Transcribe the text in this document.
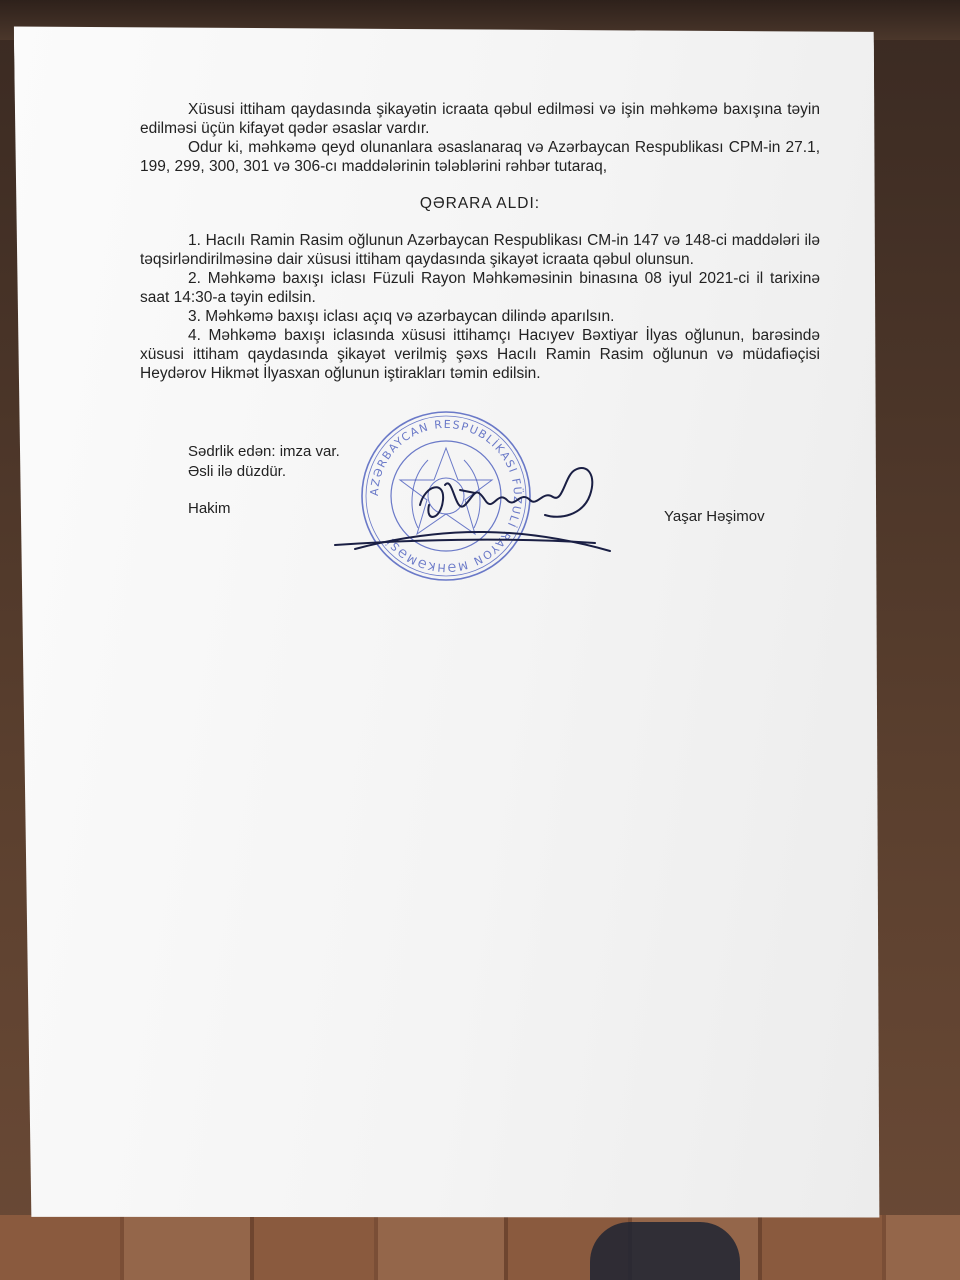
Xüsusi ittiham qaydasında şikayətin icraata qəbul edilməsi və işin məhkəmə baxışına təyin edilməsi üçün kifayət qədər əsaslar vardır.

Odur ki, məhkəmə qeyd olunanlara əsaslanaraq və Azərbaycan Respublikası CPM-in 27.1, 199, 299, 300, 301 və 306-cı maddələrinin tələblərini rəhbər tutaraq,

QƏRARA ALDI:

1. Hacılı Ramin Rasim oğlunun Azərbaycan Respublikası CM-in 147 və 148-ci maddələri ilə təqsirləndirilməsinə dair xüsusi ittiham qaydasında şikayət icraata qəbul olunsun.

2. Məhkəmə baxışı iclası Füzuli Rayon Məhkəməsinin binasına 08 iyul 2021-ci il tarixinə saat 14:30-a təyin edilsin.

3. Məhkəmə baxışı iclası açıq və azərbaycan dilində aparılsın.

4. Məhkəmə baxışı iclasında xüsusi ittihamçı Hacıyev Bəxtiyar İlyas oğlunun, barəsində xüsusi ittiham qaydasında şikayət verilmiş şəxs Hacılı Ramin Rasim oğlunun və müdafiəçisi Heydərov Hikmət İlyasxan oğlunun iştirakları təmin edilsin.

Sədrlik edən: imza var.
Əsli ilə düzdür.
Hakim	Yaşar Həşimov
AZƏRBAYCAN RESPUBLİKASI FÜZULİ RAYON MƏHKƏMƏSİ
